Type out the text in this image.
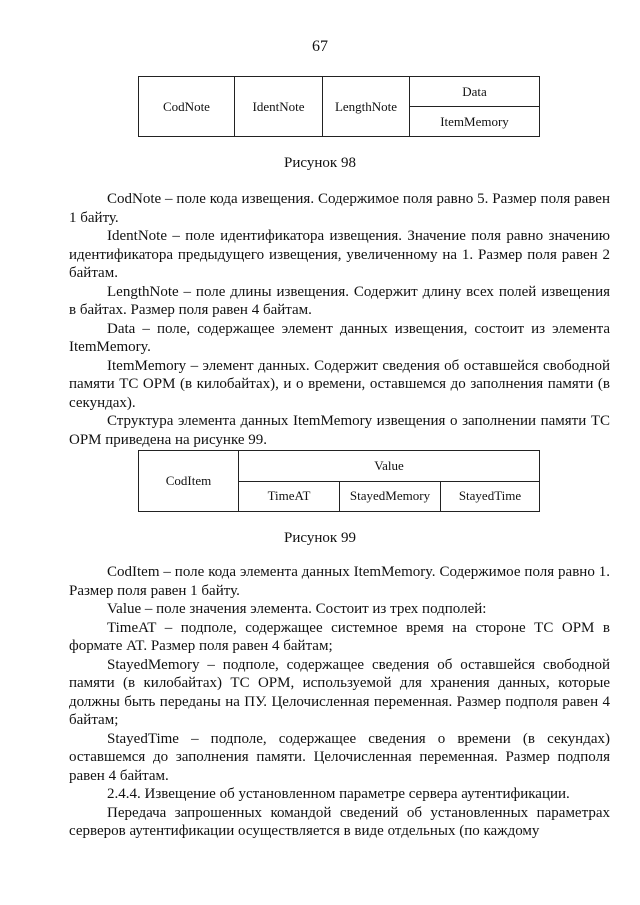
67
CodNote	IdentNote	LengthNote	Data
ItemMemory
Рисунок 98

CodNote – поле кода извещения. Содержимое поля равно 5. Размер поля равен 1 байту.

IdentNote – поле идентификатора извещения. Значение поля равно значению идентификатора предыдущего извещения, увеличенному на 1. Размер поля равен 2 байтам.

LengthNote – поле длины извещения. Содержит длину всех полей извещения в байтах. Размер поля равен 4 байтам.

Data – поле, содержащее элемент данных извещения, состоит из элемента ItemMemory.

ItemMemory – элемент данных. Содержит сведения об оставшейся свободной памяти ТС ОРМ (в килобайтах), и о времени, оставшемся до заполнения памяти (в секундах).

Структура элемента данных ItemMemory извещения о заполнении памяти ТС ОРМ приведена на рисунке 99.

CodItem	Value		
	TimeAT	StayedMemory	StayedTime
Рисунок 99

CodItem – поле кода элемента данных ItemMemory. Содержимое поля равно 1. Размер поля равен 1 байту.

Value – поле значения элемента. Состоит из трех подполей:

TimeAT – подполе, содержащее системное время на стороне ТС ОРМ в формате AT. Размер поля равен 4 байтам;

StayedMemory – подполе, содержащее сведения об оставшейся свободной памяти (в килобайтах) ТС ОРМ, используемой для хранения данных, которые должны быть переданы на ПУ. Целочисленная переменная. Размер подполя равен 4 байтам;

StayedTime – подполе, содержащее сведения о времени (в секундах) оставшемся до заполнения памяти. Целочисленная переменная. Размер подполя равен 4 байтам.

2.4.4. Извещение об установленном параметре сервера аутентификации.

Передача запрошенных командой сведений об установленных параметрах серверов аутентификации осуществляется в виде отдельных (по каждому
